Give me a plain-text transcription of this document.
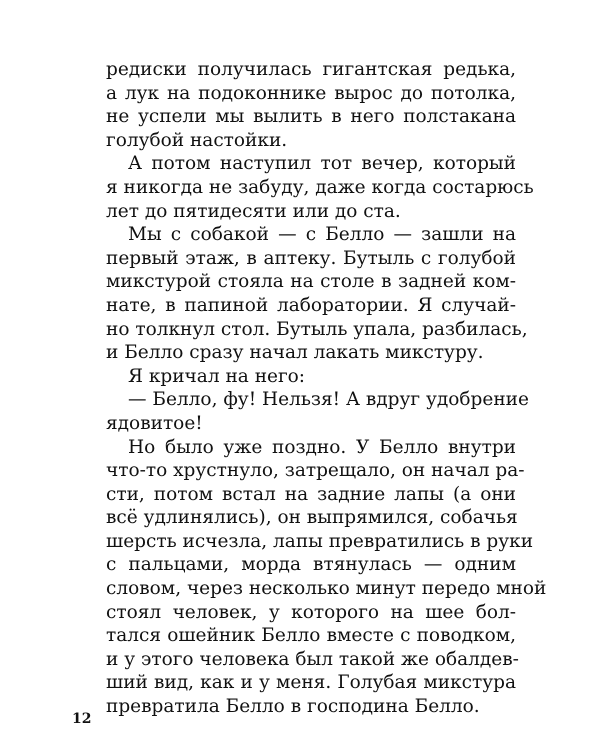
редиски получилась гигантская редька,
а лук на подоконнике вырос до потолка,
не успели мы вылить в него полстакана
голубой настойки.
А потом наступил тот вечер, который
я никогда не забуду, даже когда состарюсь
лет до пятидесяти или до ста.
Мы с собакой — с Белло — зашли на
первый этаж, в аптеку. Бутыль с голубой
микстурой стояла на столе в задней ком-
нате, в папиной лаборатории. Я случай-
но толкнул стол. Бутыль упала, разбилась,
и Белло сразу начал лакать микстуру.
Я кричал на него:
— Белло, фу! Нельзя! А вдруг удобрение
ядовитое!
Но было уже поздно. У Белло внутри
что-то хрустнуло, затрещало, он начал ра-
сти, потом встал на задние лапы (а они
всё удлинялись), он выпрямился, собачья
шерсть исчезла, лапы превратились в руки
с пальцами, морда втянулась — одним
словом, через несколько минут передо мной
стоял человек, у которого на шее бол-
тался ошейник Белло вместе с поводком,
и у этого человека был такой же обалдев-
ший вид, как и у меня. Голубая микстура
превратила Белло в господина Белло.
12
